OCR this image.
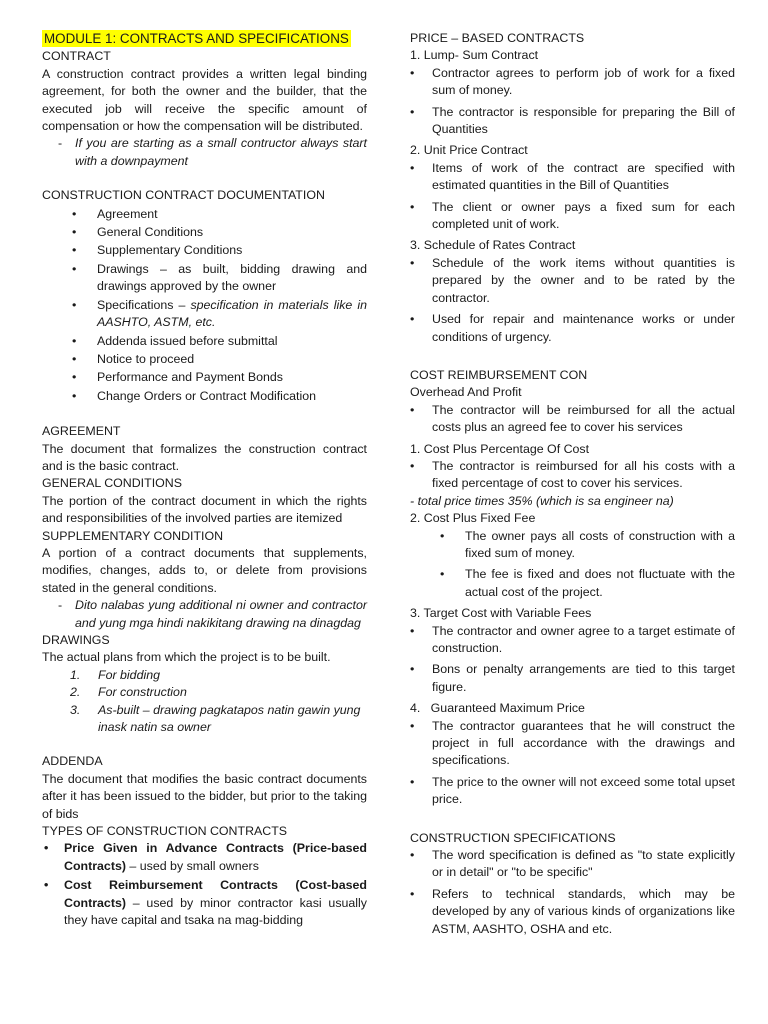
MODULE 1: CONTRACTS AND SPECIFICATIONS
CONTRACT

A construction contract provides a written legal binding agreement, for both the owner and the builder, that the executed job will receive the specific amount of compensation or how the compensation will be distributed.

- If you are starting as a small contructor always start with a downpayment
CONSTRUCTION CONTRACT DOCUMENTATION
• Agreement
• General Conditions
• Supplementary Conditions
• Drawings – as built, bidding drawing and drawings approved by the owner
• Specifications – specification in materials like in AASHTO, ASTM, etc.
• Addenda issued before submittal
• Notice to proceed
• Performance and Payment Bonds
• Change Orders or Contract Modification
AGREEMENT

The document that formalizes the construction contract and is the basic contract.

GENERAL CONDITIONS

The portion of the contract document in which the rights and responsibilities of the involved parties are itemized

SUPPLEMENTARY CONDITION

A portion of a contract documents that supplements, modifies, changes, adds to, or delete from provisions stated in the general conditions.

- Dito nalabas yung additional ni owner and contractor and yung mga hindi nakikitang drawing na dinagdag
DRAWINGS

The actual plans from which the project is to be built.

1. For bidding
2. For construction
3. As-built – drawing pagkatapos natin gawin yung inask natin sa owner
ADDENDA

The document that modifies the basic contract documents after it has been issued to the bidder, but prior to the taking of bids

TYPES OF CONSTRUCTION CONTRACTS
• Price Given in Advance Contracts (Price-based Contracts) – used by small owners
• Cost Reimbursement Contracts (Cost-based Contracts) – used by minor contractor kasi usually they have capital and tsaka na mag-bidding
PRICE – BASED CONTRACTS
1. Lump- Sum Contract
• Contractor agrees to perform job of work for a fixed sum of money.
• The contractor is responsible for preparing the Bill of Quantities
2. Unit Price Contract
• Items of work of the contract are specified with estimated quantities in the Bill of Quantities
• The client or owner pays a fixed sum for each completed unit of work.
3. Schedule of Rates Contract
• Schedule of the work items without quantities is prepared by the owner and to be rated by the contractor.
• Used for repair and maintenance works or under conditions of urgency.
COST REIMBURSEMENT CON
Overhead And Profit
• The contractor will be reimbursed for all the actual costs plus an agreed fee to cover his services
1. Cost Plus Percentage Of Cost
• The contractor is reimbursed for all his costs with a fixed percentage of cost to cover his services.
- total price times 35% (which is sa engineer na)
2. Cost Plus Fixed Fee
• The owner pays all costs of construction with a fixed sum of money.
• The fee is fixed and does not fluctuate with the actual cost of the project.
3. Target Cost with Variable Fees
• The contractor and owner agree to a target estimate of construction.
• Bons or penalty arrangements are tied to this target figure.
4.   Guaranteed Maximum Price
• The contractor guarantees that he will construct the project in full accordance with the drawings and specifications.
• The price to the owner will not exceed some total upset price.
CONSTRUCTION SPECIFICATIONS
• The word specification is defined as "to state explicitly or in detail" or "to be specific"
• Refers to technical standards, which may be developed by any of various kinds of organizations like ASTM, AASHTO, OSHA and etc.
